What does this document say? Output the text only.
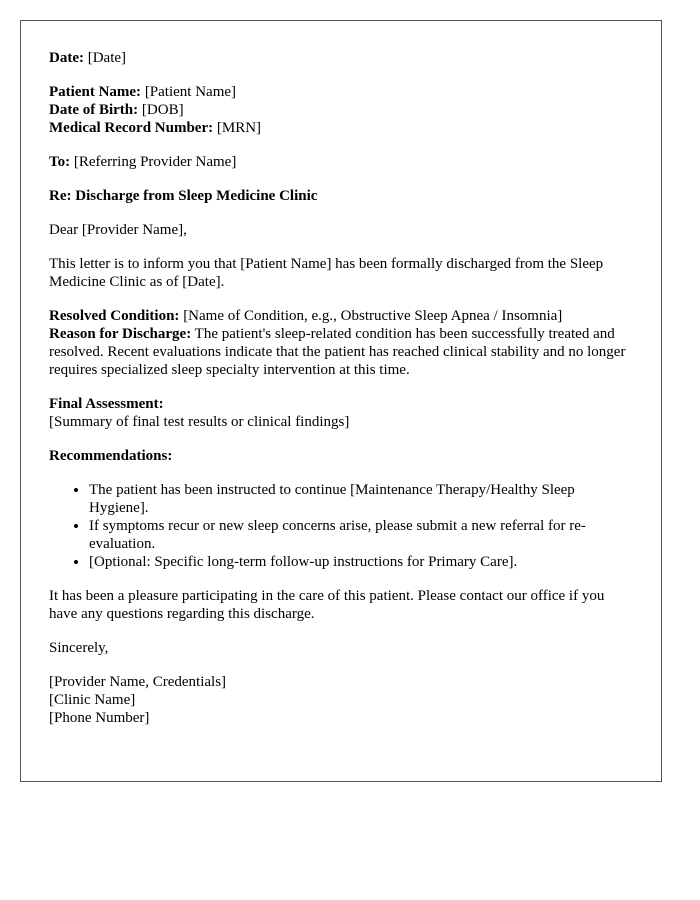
Date: [Date]
Patient Name: [Patient Name]
Date of Birth: [DOB]
Medical Record Number: [MRN]
To: [Referring Provider Name]
Re: Discharge from Sleep Medicine Clinic

Dear [Provider Name],

This letter is to inform you that [Patient Name] has been formally discharged from the Sleep Medicine Clinic as of [Date].

Resolved Condition: [Name of Condition, e.g., Obstructive Sleep Apnea / Insomnia]
Reason for Discharge: The patient's sleep-related condition has been successfully treated and resolved. Recent evaluations indicate that the patient has reached clinical stability and no longer requires specialized sleep specialty intervention at this time.
Final Assessment:
[Summary of final test results or clinical findings]
Recommendations:
• The patient has been instructed to continue [Maintenance Therapy/Healthy Sleep Hygiene].
• If symptoms recur or new sleep concerns arise, please submit a new referral for re-evaluation.
• [Optional: Specific long-term follow-up instructions for Primary Care].

It has been a pleasure participating in the care of this patient. Please contact our office if you have any questions regarding this discharge.

Sincerely,

[Provider Name, Credentials]
[Clinic Name]
[Phone Number]
